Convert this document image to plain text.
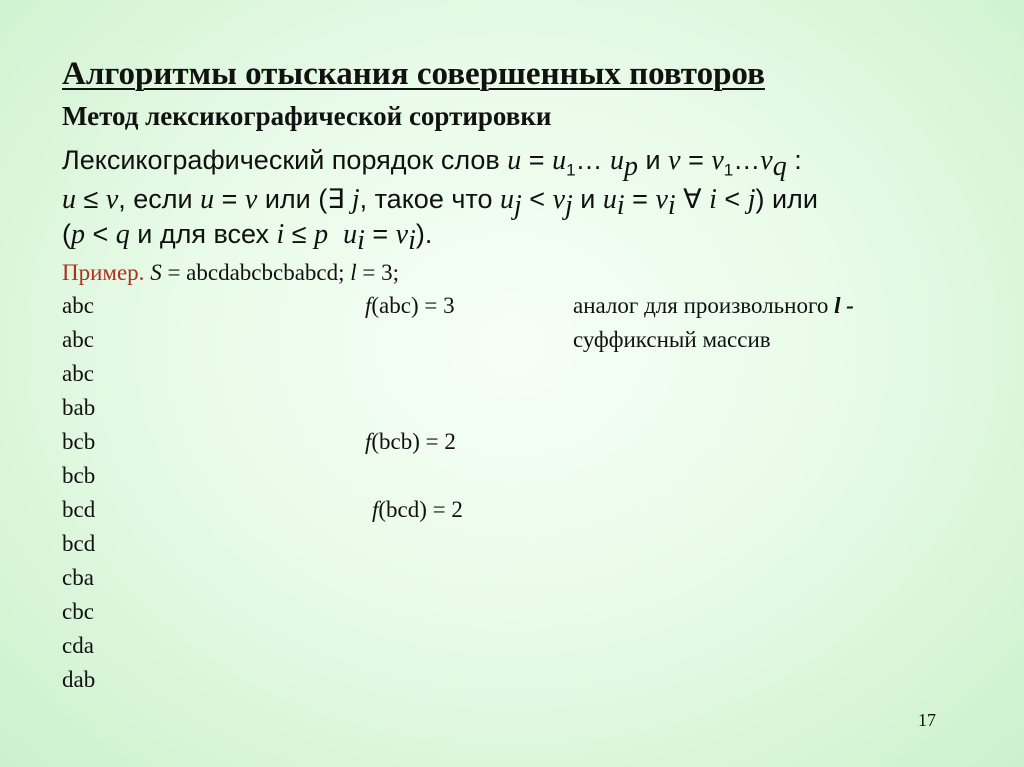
Алгоритмы отыскания совершенных повторов
Метод лексикографической сортировки
Лексикографический порядок слов $u = u_1\dots$ $u_p$ и $v = v_1\dots v_q$ :
u ≤ v, если u = v или (∃ j, такое что $u_j < v_j$ и $u_i = v_i$ ∀ i < j) или
(p < q и для всех i ≤ p $u_i = v_i$).
Пример. S = abcdabcbcbabcd; l = 3;
abc
abc
abc
bab
bcb
bcb
bcd
bcd
cba
cbc
cda
dab
f(abc) = 3
f(bcb) = 2
f(bcd) = 2
аналог для произвольного l -
суффиксный массив
17
